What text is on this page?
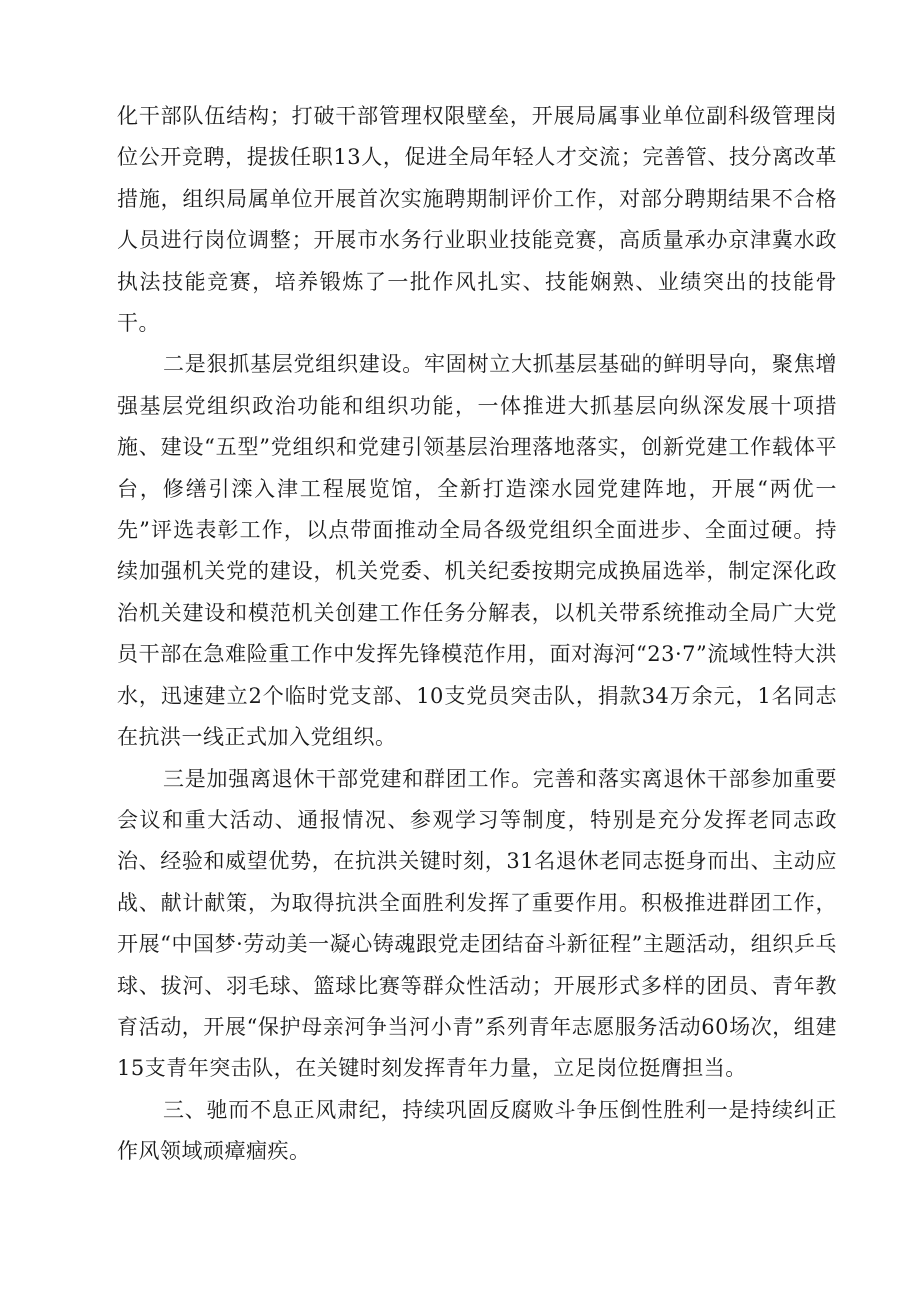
化干部队伍结构；打破干部管理权限壁垒，开展局属事业单位副科级管理岗位公开竞聘，提拔任职13人，促进全局年轻人才交流；完善管、技分离改革措施，组织局属单位开展首次实施聘期制评价工作，对部分聘期结果不合格人员进行岗位调整；开展市水务行业职业技能竞赛，高质量承办京津冀水政执法技能竞赛，培养锻炼了一批作风扎实、技能娴熟、业绩突出的技能骨干。

二是狠抓基层党组织建设。牢固树立大抓基层基础的鲜明导向，聚焦增强基层党组织政治功能和组织功能，一体推进大抓基层向纵深发展十项措施、建设“五型”党组织和党建引领基层治理落地落实，创新党建工作载体平台，修缮引滦入津工程展览馆，全新打造滦水园党建阵地，开展“两优一先”评选表彰工作，以点带面推动全局各级党组织全面进步、全面过硬。持续加强机关党的建设，机关党委、机关纪委按期完成换届选举，制定深化政治机关建设和模范机关创建工作任务分解表，以机关带系统推动全局广大党员干部在急难险重工作中发挥先锋模范作用，面对海河“23·7”流域性特大洪水，迅速建立2个临时党支部、10支党员突击队，捐款34万余元，1名同志在抗洪一线正式加入党组织。

三是加强离退休干部党建和群团工作。完善和落实离退休干部参加重要会议和重大活动、通报情况、参观学习等制度，特别是充分发挥老同志政治、经验和威望优势，在抗洪关键时刻，31名退休老同志挺身而出、主动应战、献计献策，为取得抗洪全面胜利发挥了重要作用。积极推进群团工作，开展“中国梦·劳动美一凝心铸魂跟党走团结奋斗新征程”主题活动，组织乒乓球、拔河、羽毛球、篮球比赛等群众性活动；开展形式多样的团员、青年教育活动，开展“保护母亲河争当河小青”系列青年志愿服务活动60场次，组建15支青年突击队，在关键时刻发挥青年力量，立足岗位挺膺担当。

三、驰而不息正风肃纪，持续巩固反腐败斗争压倒性胜利一是持续纠正作风领域顽瘴痼疾。
